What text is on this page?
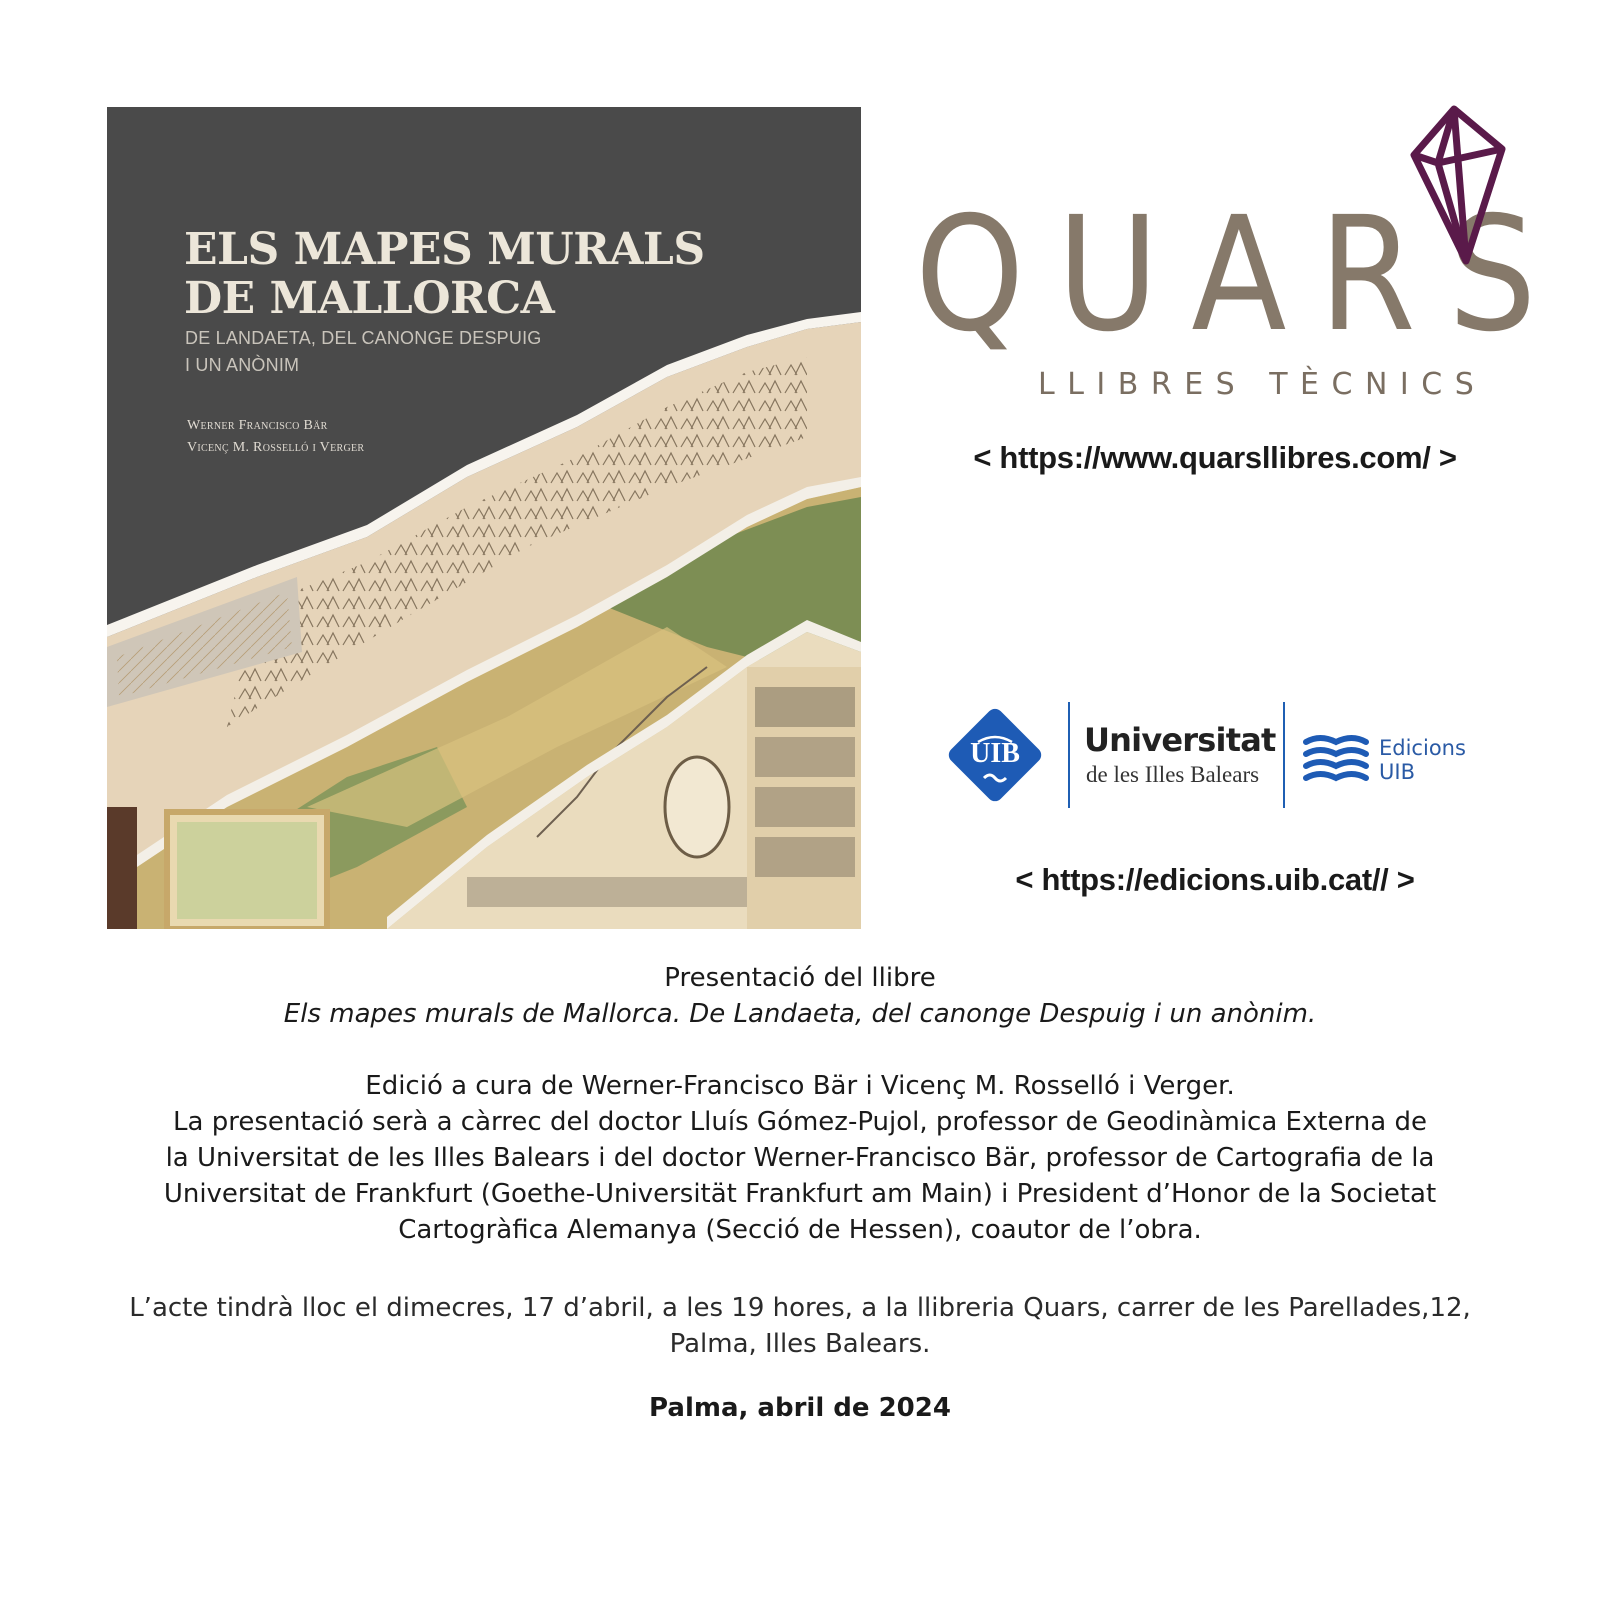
ELS MAPES MURALS
DE MALLORCA
DE LANDAETA, DEL CANONGE DESPUIG
I UN ANÒNIM
Werner Francisco Bär
Vicenç M. Rosselló i Verger
QUARS
LLIBRES TÈCNICS
< https://www.quarsllibres.com/ >
UIB Universitat
de les Illes Balears
Edicions
UIB
< https://edicions.uib.cat// >
Presentació del llibre
Els mapes murals de Mallorca. De Landaeta, del canonge Despuig i un anònim.
Edició a cura de Werner-Francisco Bär i Vicenç M. Rosselló i Verger.
La presentació serà a càrrec del doctor Lluís Gómez-Pujol, professor de Geodinàmica Externa de
la Universitat de les Illes Balears i del doctor Werner-Francisco Bär, professor de Cartografia de la
Universitat de Frankfurt (Goethe-Universität Frankfurt am Main) i President d’Honor de la Societat
Cartogràfica Alemanya (Secció de Hessen), coautor de l’obra.
L’acte tindrà lloc el dimecres, 17 d’abril, a les 19 hores, a la llibreria Quars, carrer de les Parellades,12,
Palma, Illes Balears.
Palma, abril de 2024
